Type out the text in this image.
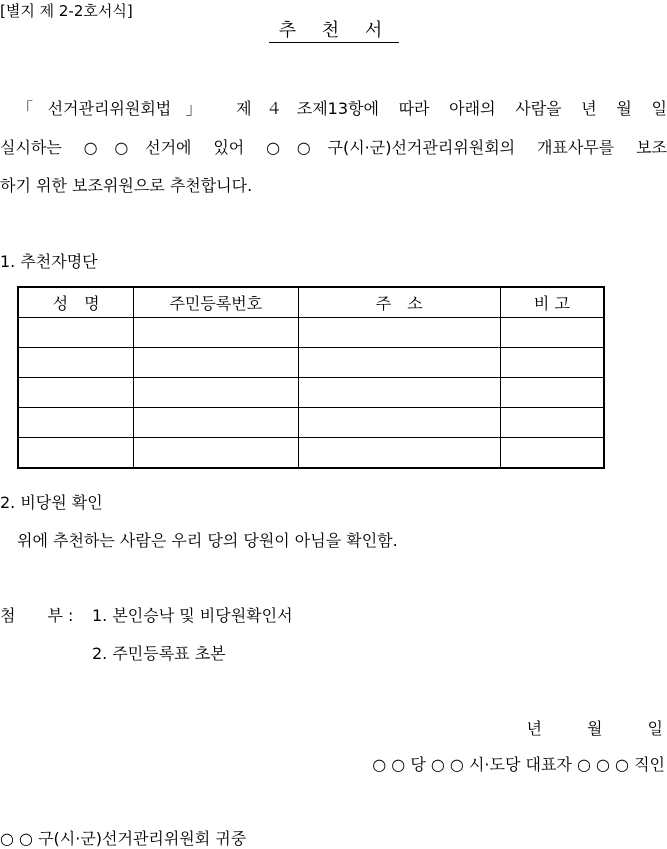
[별지 제 2-2호서식]
추 천 서
「선거관리위원회법」 제４조제13항에 따라 아래의 사람을 년 월 일
실시하는 ○○선거에 있어 ○○구(시·군)선거관리위원회의 개표사무를 보조
하기 위한 보조위원으로 추천합니다.
1. 추천자명단
성　명	주민등록번호	주　소	비 고

2. 비당원 확인
위에 추천하는 사람은 우리 당의 당원이 아님을 확인함.
첨　　부 : 1. 본인승낙 및 비당원확인서
2. 주민등록표 초본
년 월 일
○ ○ 당 ○ ○ 시·도당 대표자 ○ ○ ○ 직인
○ ○ 구(시·군)선거관리위원회 귀중
